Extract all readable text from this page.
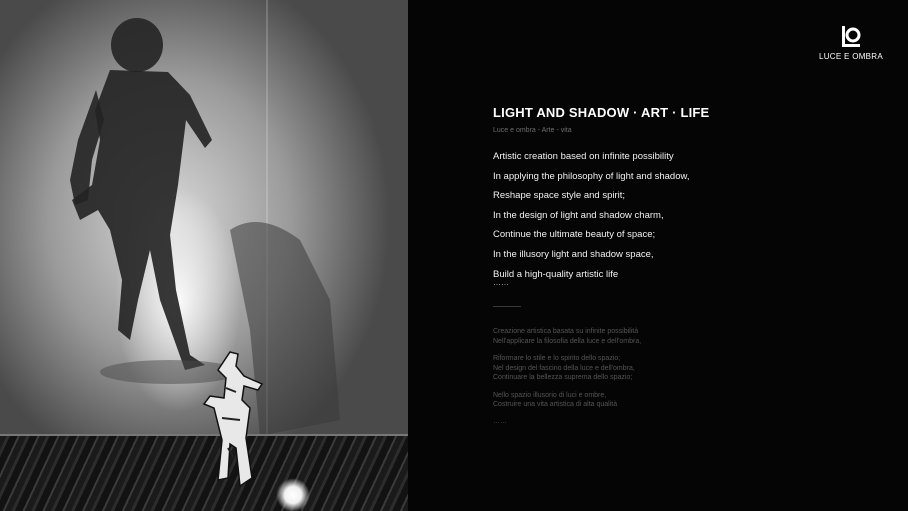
LUCE E OMBRA
LIGHT AND SHADOW · ART · LIFE
Luce e ombra - Arte - vita
Artistic creation based on infinite possibility
In applying the philosophy of light and shadow,
Reshape space style and spirit;
In the design of light and shadow charm,
Continue the ultimate beauty of space;
In the illusory light and shadow space,
Build a high-quality artistic life
……
Creazione artistica basata su infinite possibilità
Nell'applicare la filosofia della luce e dell'ombra,
Riformare lo stile e lo spirito dello spazio;
Nel design del fascino della luce e dell'ombra,
Continuare la bellezza suprema dello spazio;
Nello spazio illusorio di luci e ombre,
Costruire una vita artistica di alta qualità
……
